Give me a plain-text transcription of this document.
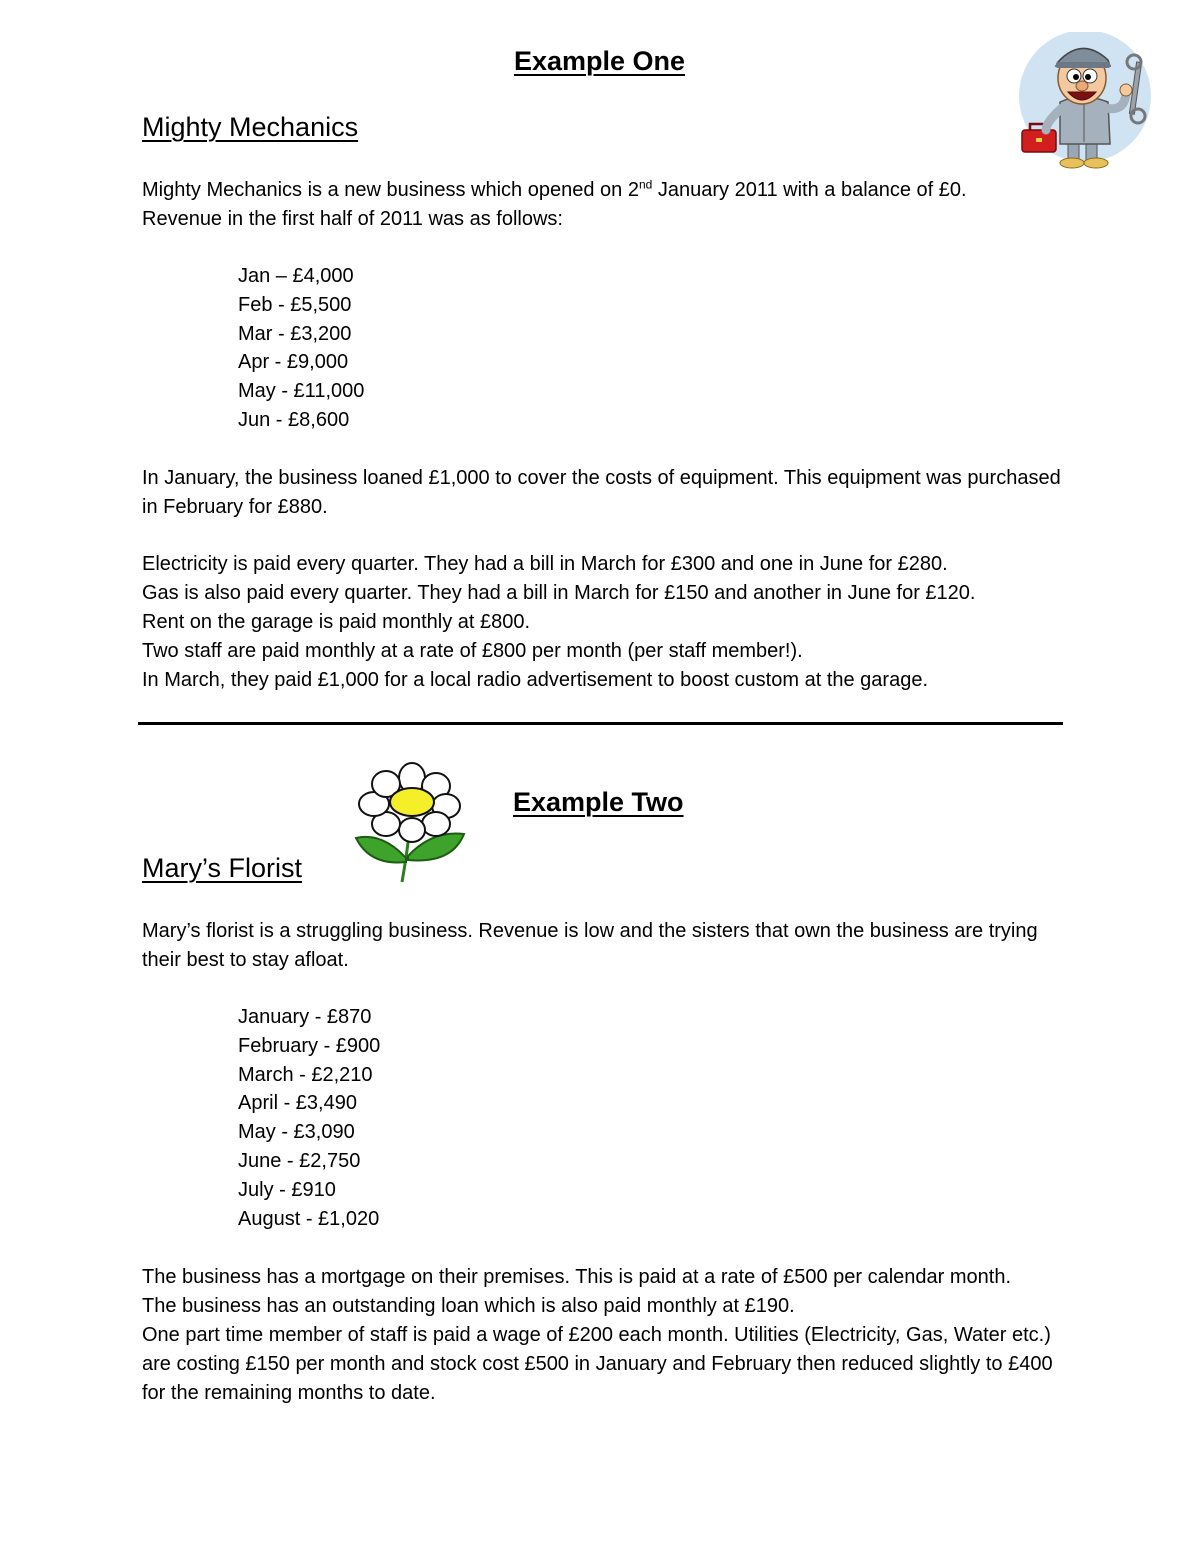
Example One
Mighty Mechanics

Mighty Mechanics is a new business which opened on 2nd January 2011 with a balance of £0.

Revenue in the first half of 2011 was as follows:

Jan – £4,000
Feb - £5,500
Mar - £3,200
Apr - £9,000
May - £11,000
Jun - £8,600
In January, the business loaned £1,000 to cover the costs of equipment. This equipment was purchased in February for £880.

Electricity is paid every quarter. They had a bill in March for £300 and one in June for £280.

Gas is also paid every quarter. They had a bill in March for £150 and another in June for £120.

Rent on the garage is paid monthly at £800.

Two staff are paid monthly at a rate of £800 per month (per staff member!).

In March, they paid £1,000 for a local radio advertisement to boost custom at the garage.

Example Two
Mary’s Florist
Mary’s florist is a struggling business. Revenue is low and the sisters that own the business are trying their best to stay afloat.
January - £870
February - £900
March - £2,210
April - £3,490
May - £3,090
June - £2,750
July - £910
August - £1,020

The business has a mortgage on their premises. This is paid at a rate of £500 per calendar month.

The business has an outstanding loan which is also paid monthly at £190.

One part time member of staff is paid a wage of £200 each month. Utilities (Electricity, Gas, Water etc.) are costing £150 per month and stock cost £500 in January and February then reduced slightly to £400 for the remaining months to date.
